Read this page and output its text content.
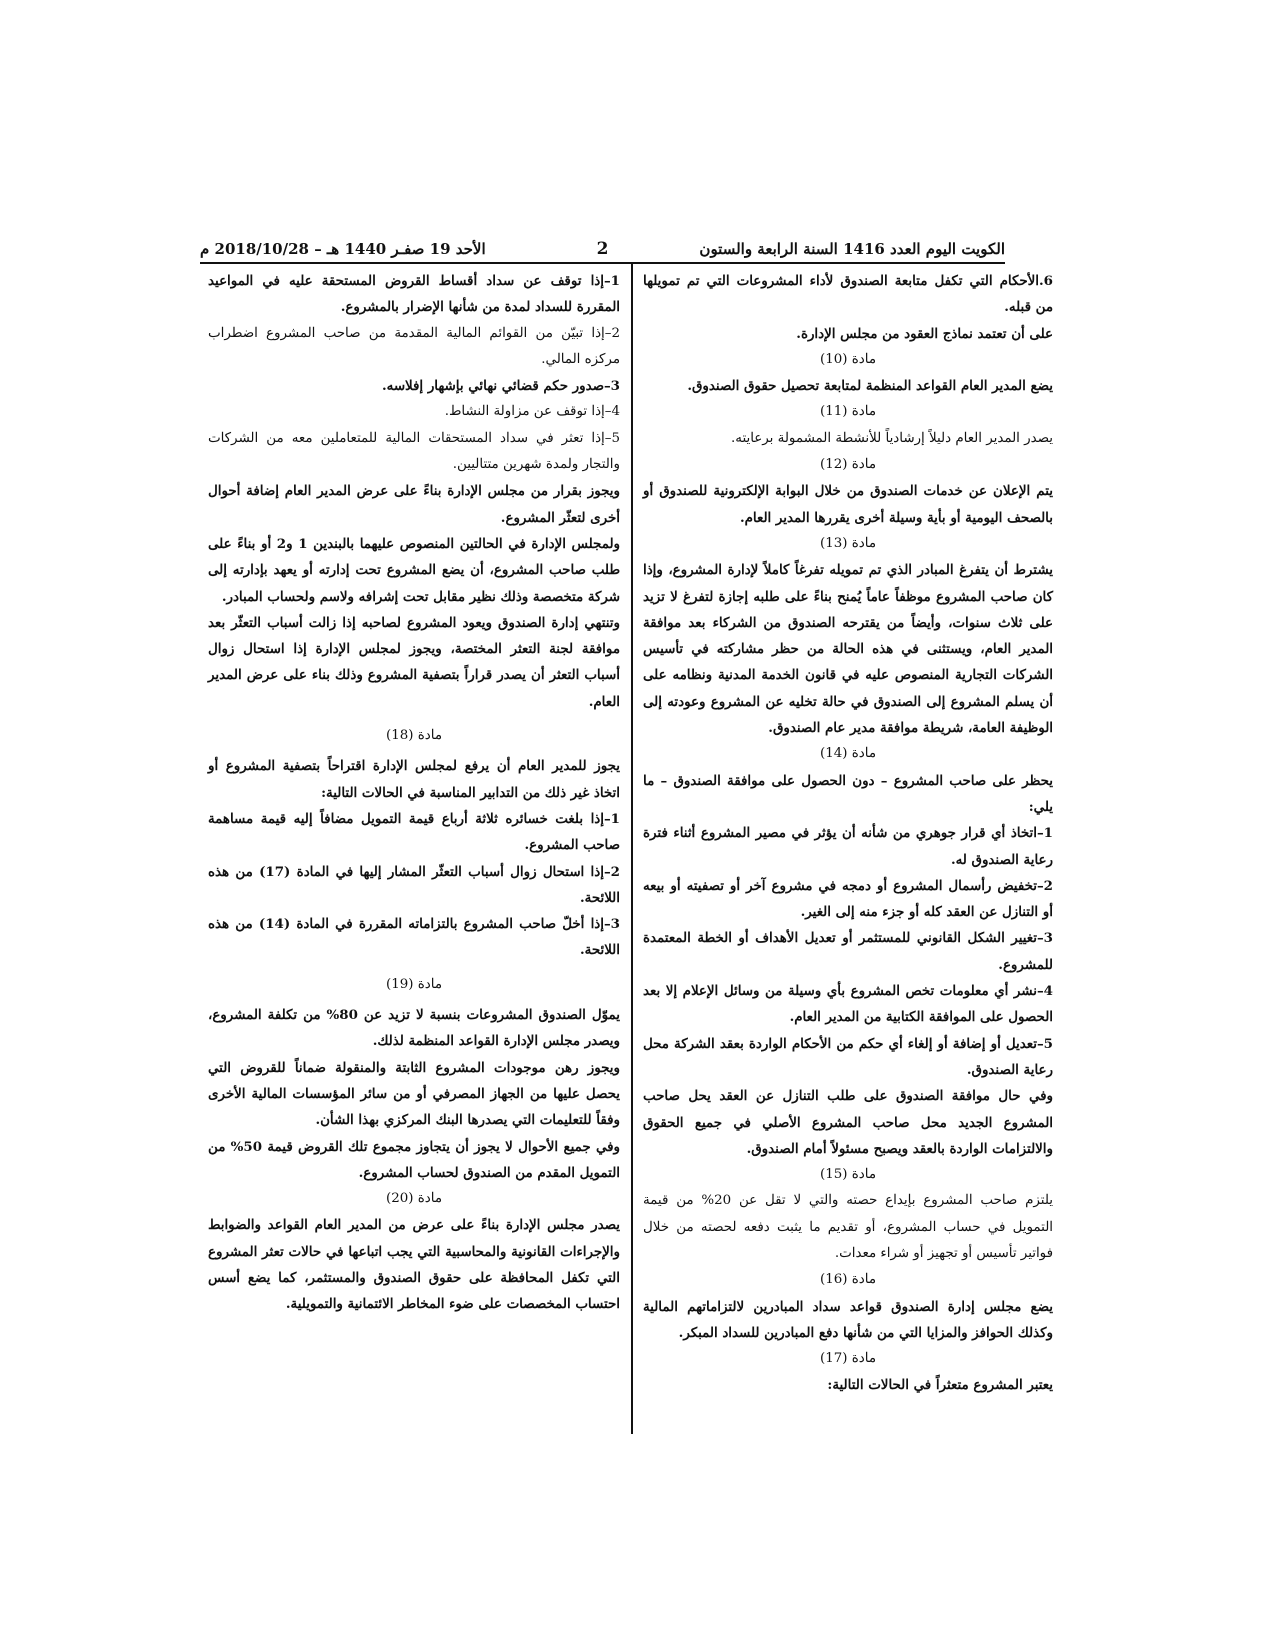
الكويت اليوم العدد 1416 السنة الرابعة والستون
2
الأحد 19 صفـر 1440 هـ – 2018/10/28 م

6.الأحكام التي تكفل متابعة الصندوق لأداء المشروعات التي تم تمويلها من قبله.

على أن تعتمد نماذج العقود من مجلس الإدارة.

مادة (10)

يضع المدير العام القواعد المنظمة لمتابعة تحصيل حقوق الصندوق.

مادة (11)

يصدر المدير العام دليلاً إرشادياً للأنشطة المشمولة برعايته.

مادة (12)

يتم الإعلان عن خدمات الصندوق من خلال البوابة الإلكترونية للصندوق أو بالصحف اليومية أو بأية وسيلة أخرى يقررها المدير العام.

مادة (13)

يشترط أن يتفرغ المبادر الذي تم تمويله تفرغاً كاملاً لإدارة المشروع، وإذا كان صاحب المشروع موظفاً عاماً يُمنح بناءً على طلبه إجازة لتفرغ لا تزيد على ثلاث سنوات، وأيضاً من يقترحه الصندوق من الشركاء بعد موافقة المدير العام، ويستثنى في هذه الحالة من حظر مشاركته في تأسيس الشركات التجارية المنصوص عليه في قانون الخدمة المدنية ونظامه على أن يسلم المشروع إلى الصندوق في حالة تخليه عن المشروع وعودته إلى الوظيفة العامة، شريطة موافقة مدير عام الصندوق.

مادة (14)

يحظر على صاحب المشروع – دون الحصول على موافقة الصندوق – ما يلي:

1–اتخاذ أي قرار جوهري من شأنه أن يؤثر في مصير المشروع أثناء فترة رعاية الصندوق له.

2–تخفيض رأسمال المشروع أو دمجه في مشروع آخر أو تصفيته أو بيعه أو التنازل عن العقد كله أو جزء منه إلى الغير.

3–تغيير الشكل القانوني للمستثمر أو تعديل الأهداف أو الخطة المعتمدة للمشروع.

4–نشر أي معلومات تخص المشروع بأي وسيلة من وسائل الإعلام إلا بعد الحصول على الموافقة الكتابية من المدير العام.

5–تعديل أو إضافة أو إلغاء أي حكم من الأحكام الواردة بعقد الشركة محل رعاية الصندوق.

وفي حال موافقة الصندوق على طلب التنازل عن العقد يحل صاحب المشروع الجديد محل صاحب المشروع الأصلي في جميع الحقوق والالتزامات الواردة بالعقد ويصبح مسئولاً أمام الصندوق.

مادة (15)

يلتزم صاحب المشروع بإيداع حصته والتي لا تقل عن 20% من قيمة التمويل في حساب المشروع، أو تقديم ما يثبت دفعه لحصته من خلال فواتير تأسيس أو تجهيز أو شراء معدات.

مادة (16)

يضع مجلس إدارة الصندوق قواعد سداد المبادرين لالتزاماتهم المالية وكذلك الحوافز والمزايا التي من شأنها دفع المبادرين للسداد المبكر.

مادة (17)

يعتبر المشروع متعثراً في الحالات التالية:

1–إذا توقف عن سداد أقساط القروض المستحقة عليه في المواعيد المقررة للسداد لمدة من شأنها الإضرار بالمشروع.

2–إذا تبيّن من القوائم المالية المقدمة من صاحب المشروع اضطراب مركزه المالي.

3–صدور حكم قضائي نهائي بإشهار إفلاسه.

4–إذا توقف عن مزاولة النشاط.

5–إذا تعثر في سداد المستحقات المالية للمتعاملين معه من الشركات والتجار ولمدة شهرين متتاليين.

ويجوز بقرار من مجلس الإدارة بناءً على عرض المدير العام إضافة أحوال أخرى لتعثّر المشروع.

ولمجلس الإدارة في الحالتين المنصوص عليهما بالبندين 1 و2 أو بناءً على طلب صاحب المشروع، أن يضع المشروع تحت إدارته أو يعهد بإدارته إلى شركة متخصصة وذلك نظير مقابل تحت إشرافه ولاسم ولحساب المبادر.

وتنتهي إدارة الصندوق ويعود المشروع لصاحبه إذا زالت أسباب التعثّر بعد موافقة لجنة التعثر المختصة، ويجوز لمجلس الإدارة إذا استحال زوال أسباب التعثر أن يصدر قراراً بتصفية المشروع وذلك بناء على عرض المدير العام.

مادة (18)

يجوز للمدير العام أن يرفع لمجلس الإدارة اقتراحاً بتصفية المشروع أو اتخاذ غير ذلك من التدابير المناسبة في الحالات التالية:

1–إذا بلغت خسائره ثلاثة أرباع قيمة التمويل مضافاً إليه قيمة مساهمة صاحب المشروع.

2–إذا استحال زوال أسباب التعثّر المشار إليها في المادة (17) من هذه اللائحة.

3–إذا أخلّ صاحب المشروع بالتزاماته المقررة في المادة (14) من هذه اللائحة.

مادة (19)

يموّل الصندوق المشروعات بنسبة لا تزيد عن 80% من تكلفة المشروع، ويصدر مجلس الإدارة القواعد المنظمة لذلك.

ويجوز رهن موجودات المشروع الثابتة والمنقولة ضماناً للقروض التي يحصل عليها من الجهاز المصرفي أو من سائر المؤسسات المالية الأخرى وفقاً للتعليمات التي يصدرها البنك المركزي بهذا الشأن.

وفي جميع الأحوال لا يجوز أن يتجاوز مجموع تلك القروض قيمة 50% من التمويل المقدم من الصندوق لحساب المشروع.

مادة (20)

يصدر مجلس الإدارة بناءً على عرض من المدير العام القواعد والضوابط والإجراءات القانونية والمحاسبية التي يجب اتباعها في حالات تعثر المشروع التي تكفل المحافظة على حقوق الصندوق والمستثمر، كما يضع أسس احتساب المخصصات على ضوء المخاطر الائتمانية والتمويلية.
